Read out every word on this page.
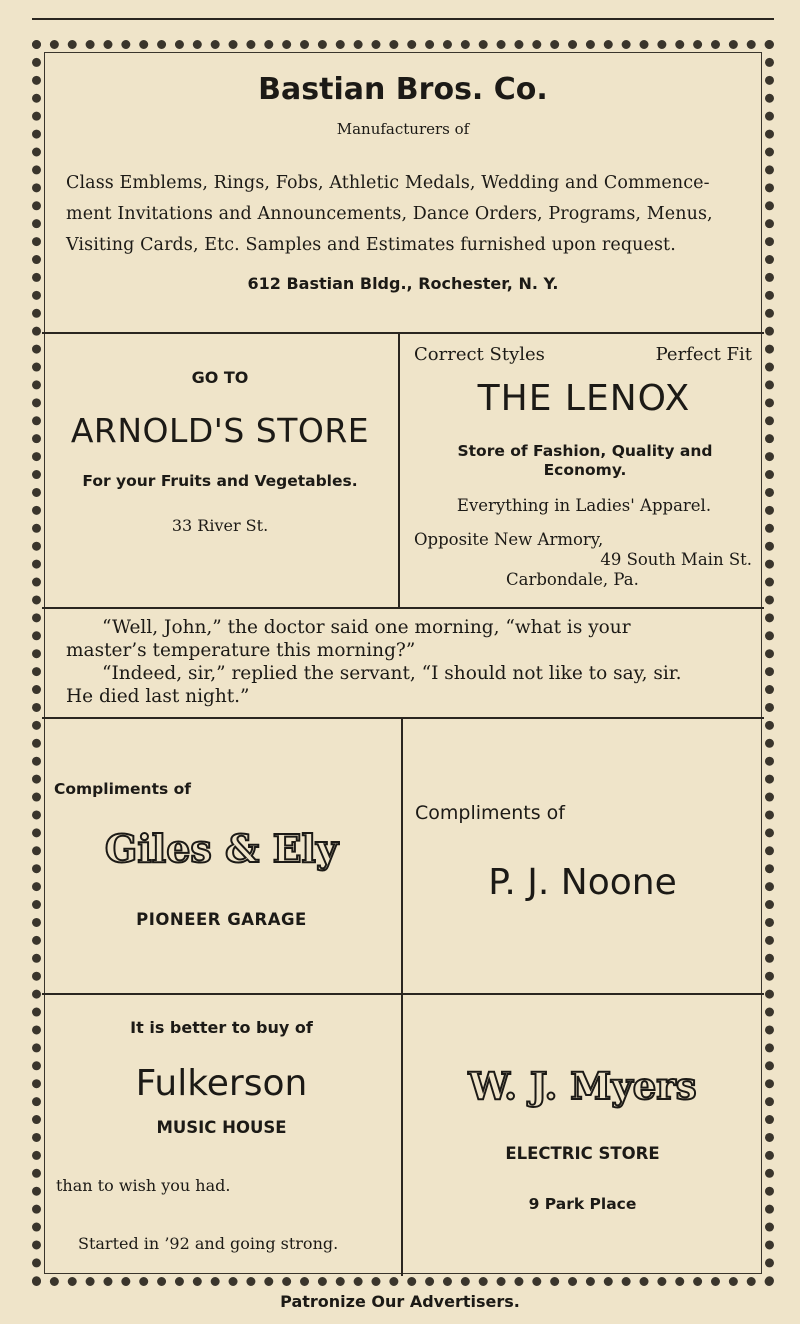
Bastian Bros. Co.
Manufacturers of
Class Emblems, Rings, Fobs, Athletic Medals, Wedding and Commence-
ment Invitations and Announcements, Dance Orders, Programs, Menus,
Visiting Cards, Etc. Samples and Estimates furnished upon request.
612 Bastian Bldg., Rochester, N. Y.
GO TO
ARNOLD'S STORE
For your Fruits and Vegetables.
33 River St.
Correct Styles	Perfect Fit
THE LENOX
Store of Fashion, Quality and Economy.
Everything in Ladies' Apparel.
Opposite New Armory,
49 South Main St.
Carbondale, Pa.
“Well, John,” the doctor said one morning, “what is your
master’s temperature this morning?”
“Indeed, sir,” replied the servant, “I should not like to say, sir.
He died last night.”
Compliments of
Giles & Ely
PIONEER GARAGE
Compliments of
P. J. Noone
It is better to buy of
Fulkerson
MUSIC HOUSE
than to wish you had.
Started in ’92 and going strong.
W. J. Myers
ELECTRIC STORE
9 Park Place
Patronize Our Advertisers.
